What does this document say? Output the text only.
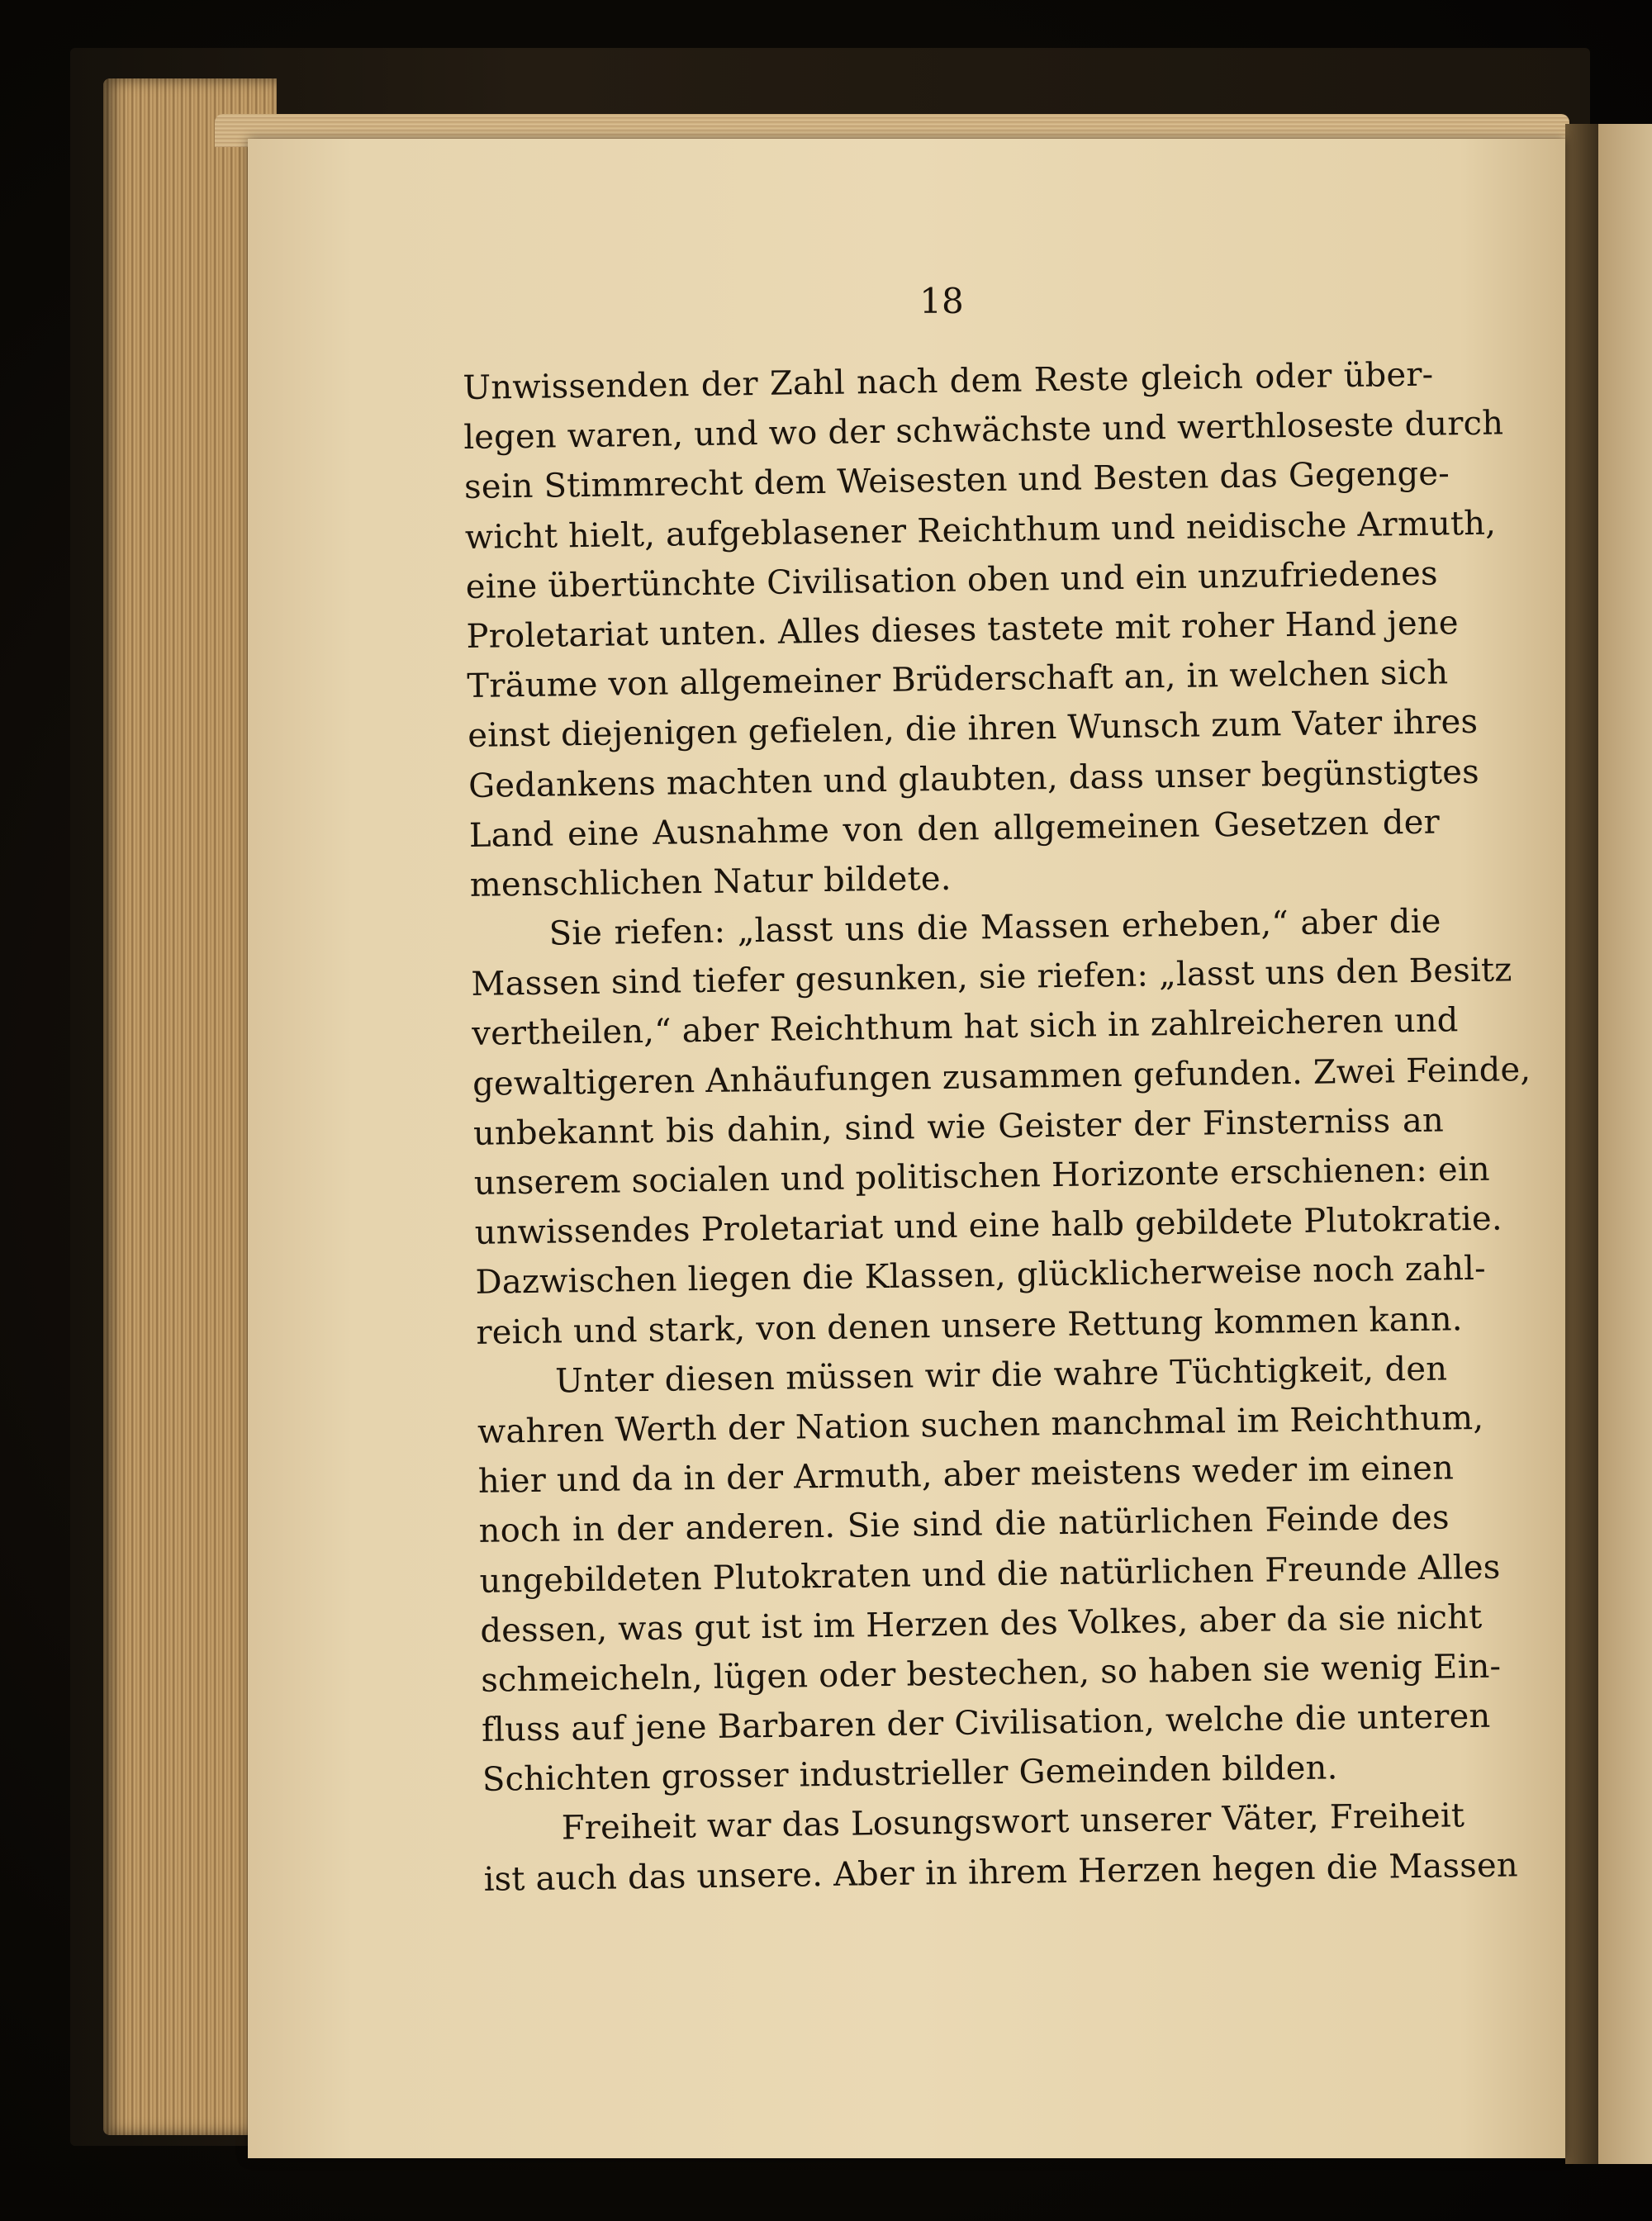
18
Unwissenden der Zahl nach dem Reste gleich oder über-
legen waren, und wo der schwächste und werthloseste durch
sein Stimmrecht dem Weisesten und Besten das Gegenge-
wicht hielt, aufgeblasener Reichthum und neidische Armuth,
eine übertünchte Civilisation oben und ein unzufriedenes
Proletariat unten. Alles dieses tastete mit roher Hand jene
Träume von allgemeiner Brüderschaft an, in welchen sich
einst diejenigen gefielen, die ihren Wunsch zum Vater ihres
Gedankens machten und glaubten, dass unser begünstigtes
Land eine Ausnahme von den allgemeinen Gesetzen der
menschlichen Natur bildete.
Sie riefen: „lasst uns die Massen erheben,“ aber die
Massen sind tiefer gesunken, sie riefen: „lasst uns den Besitz
vertheilen,“ aber Reichthum hat sich in zahlreicheren und
gewaltigeren Anhäufungen zusammen gefunden. Zwei Feinde,
unbekannt bis dahin, sind wie Geister der Finsterniss an
unserem socialen und politischen Horizonte erschienen: ein
unwissendes Proletariat und eine halb gebildete Plutokratie.
Dazwischen liegen die Klassen, glücklicherweise noch zahl-
reich und stark, von denen unsere Rettung kommen kann.
Unter diesen müssen wir die wahre Tüchtigkeit, den
wahren Werth der Nation suchen manchmal im Reichthum,
hier und da in der Armuth, aber meistens weder im einen
noch in der anderen. Sie sind die natürlichen Feinde des
ungebildeten Plutokraten und die natürlichen Freunde Alles
dessen, was gut ist im Herzen des Volkes, aber da sie nicht
schmeicheln, lügen oder bestechen, so haben sie wenig Ein-
fluss auf jene Barbaren der Civilisation, welche die unteren
Schichten grosser industrieller Gemeinden bilden.
Freiheit war das Losungswort unserer Väter, Freiheit
ist auch das unsere. Aber in ihrem Herzen hegen die Massen
